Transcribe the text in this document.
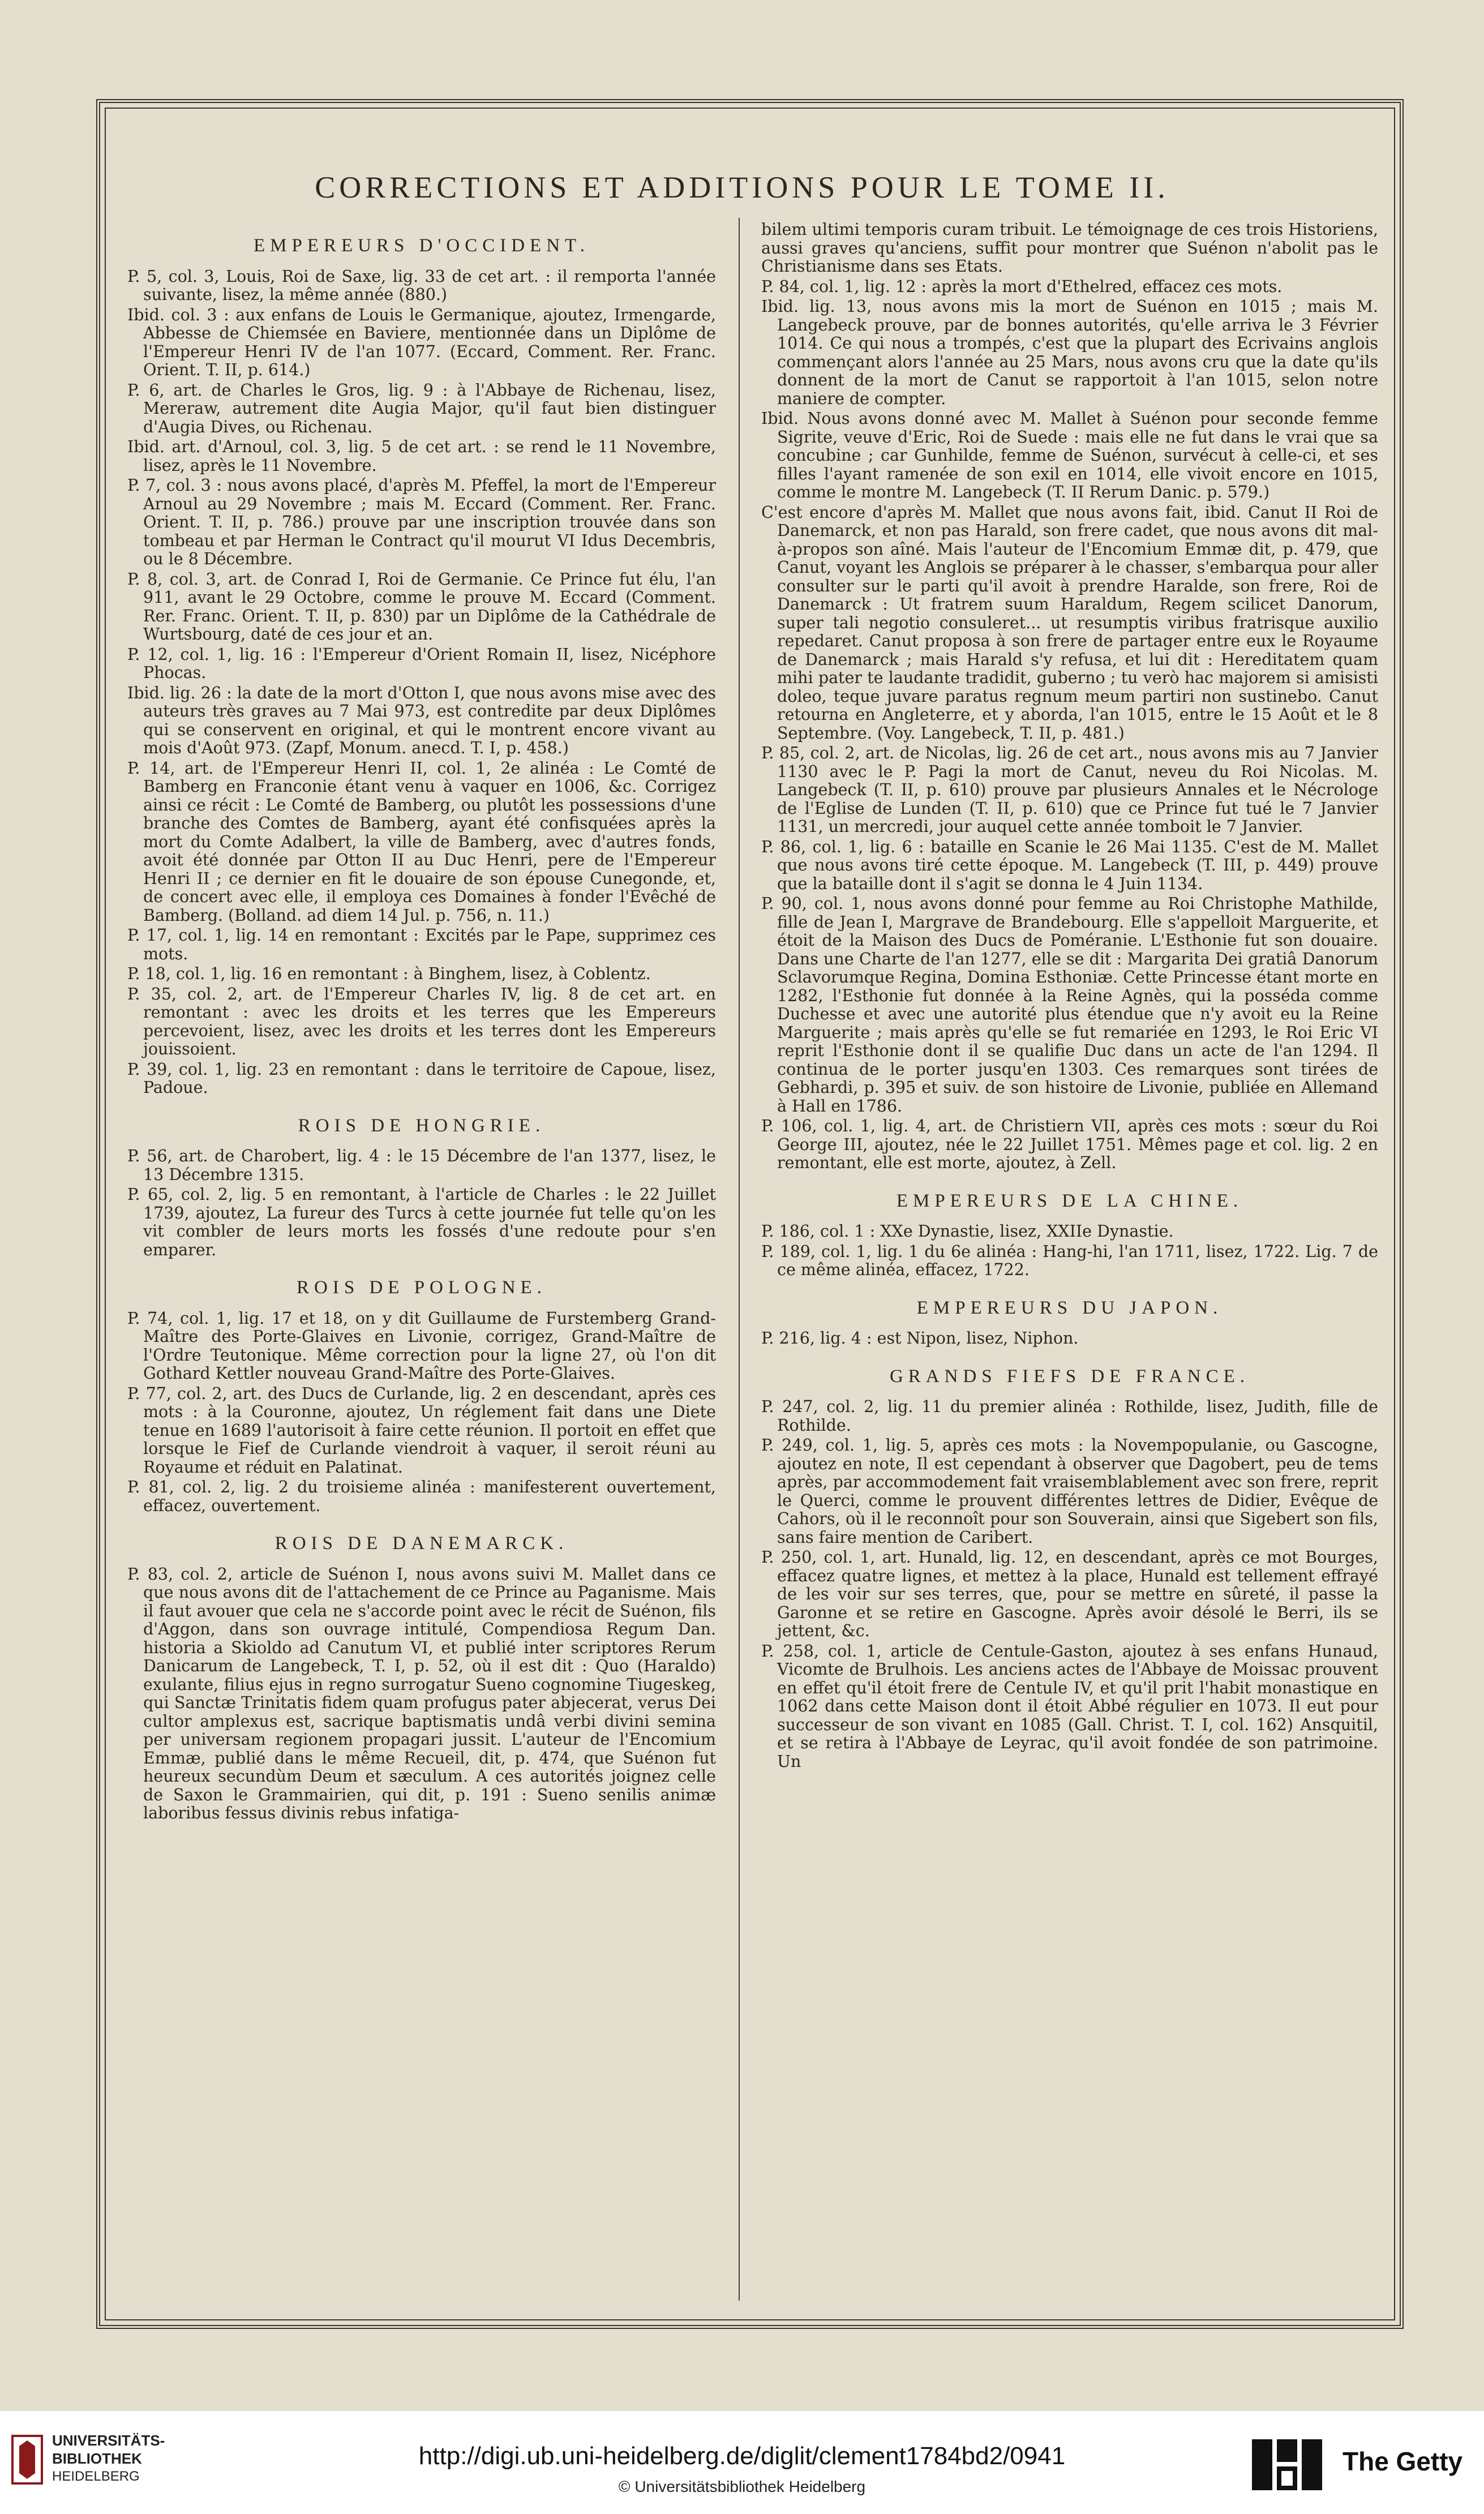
CORRECTIONS ET ADDITIONS POUR LE TOME II.
EMPEREURS D'OCCIDENT.

P. 5, col. 3, Louis, Roi de Saxe, lig. 33 de cet art. : il remporta l'année suivante, lisez, la même année (880.)

Ibid. col. 3 : aux enfans de Louis le Germanique, ajoutez, Irmengarde, Abbesse de Chiemsée en Baviere, mentionnée dans un Diplôme de l'Empereur Henri IV de l'an 1077. (Eccard, Comment. Rer. Franc. Orient. T. II, p. 614.)

P. 6, art. de Charles le Gros, lig. 9 : à l'Abbaye de Richenau, lisez, Mereraw, autrement dite Augia Major, qu'il faut bien distinguer d'Augia Dives, ou Richenau.

Ibid. art. d'Arnoul, col. 3, lig. 5 de cet art. : se rend le 11 Novembre, lisez, après le 11 Novembre.

P. 7, col. 3 : nous avons placé, d'après M. Pfeffel, la mort de l'Empereur Arnoul au 29 Novembre ; mais M. Eccard (Comment. Rer. Franc. Orient. T. II, p. 786.) prouve par une inscription trouvée dans son tombeau et par Herman le Contract qu'il mourut VI Idus Decembris, ou le 8 Décembre.

P. 8, col. 3, art. de Conrad I, Roi de Germanie. Ce Prince fut élu, l'an 911, avant le 29 Octobre, comme le prouve M. Eccard (Comment. Rer. Franc. Orient. T. II, p. 830) par un Diplôme de la Cathédrale de Wurtsbourg, daté de ces jour et an.

P. 12, col. 1, lig. 16 : l'Empereur d'Orient Romain II, lisez, Nicéphore Phocas.

Ibid. lig. 26 : la date de la mort d'Otton I, que nous avons mise avec des auteurs très graves au 7 Mai 973, est contredite par deux Diplômes qui se conservent en original, et qui le montrent encore vivant au mois d'Août 973. (Zapf, Monum. anecd. T. I, p. 458.)

P. 14, art. de l'Empereur Henri II, col. 1, 2e alinéa : Le Comté de Bamberg en Franconie étant venu à vaquer en 1006, &c. Corrigez ainsi ce récit : Le Comté de Bamberg, ou plutôt les possessions d'une branche des Comtes de Bamberg, ayant été confisquées après la mort du Comte Adalbert, la ville de Bamberg, avec d'autres fonds, avoit été donnée par Otton II au Duc Henri, pere de l'Empereur Henri II ; ce dernier en fit le douaire de son épouse Cunegonde, et, de concert avec elle, il employa ces Domaines à fonder l'Evêché de Bamberg. (Bolland. ad diem 14 Jul. p. 756, n. 11.)

P. 17, col. 1, lig. 14 en remontant : Excités par le Pape, supprimez ces mots.

P. 18, col. 1, lig. 16 en remontant : à Binghem, lisez, à Coblentz.

P. 35, col. 2, art. de l'Empereur Charles IV, lig. 8 de cet art. en remontant : avec les droits et les terres que les Empereurs percevoient, lisez, avec les droits et les terres dont les Empereurs jouissoient.

P. 39, col. 1, lig. 23 en remontant : dans le territoire de Capoue, lisez, Padoue.

ROIS DE HONGRIE.

P. 56, art. de Charobert, lig. 4 : le 15 Décembre de l'an 1377, lisez, le 13 Décembre 1315.

P. 65, col. 2, lig. 5 en remontant, à l'article de Charles : le 22 Juillet 1739, ajoutez, La fureur des Turcs à cette journée fut telle qu'on les vit combler de leurs morts les fossés d'une redoute pour s'en emparer.

ROIS DE POLOGNE.

P. 74, col. 1, lig. 17 et 18, on y dit Guillaume de Furstemberg Grand-Maître des Porte-Glaives en Livonie, corrigez, Grand-Maître de l'Ordre Teutonique. Même correction pour la ligne 27, où l'on dit Gothard Kettler nouveau Grand-Maître des Porte-Glaives.

P. 77, col. 2, art. des Ducs de Curlande, lig. 2 en descendant, après ces mots : à la Couronne, ajoutez, Un réglement fait dans une Diete tenue en 1689 l'autorisoit à faire cette réunion. Il portoit en effet que lorsque le Fief de Curlande viendroit à vaquer, il seroit réuni au Royaume et réduit en Palatinat.

P. 81, col. 2, lig. 2 du troisieme alinéa : manifesterent ouvertement, effacez, ouvertement.

ROIS DE DANEMARCK.

P. 83, col. 2, article de Suénon I, nous avons suivi M. Mallet dans ce que nous avons dit de l'attachement de ce Prince au Paganisme. Mais il faut avouer que cela ne s'accorde point avec le récit de Suénon, fils d'Aggon, dans son ouvrage intitulé, Compendiosa Regum Dan. historia a Skioldo ad Canutum VI, et publié inter scriptores Rerum Danicarum de Langebeck, T. I, p. 52, où il est dit : Quo (Haraldo) exulante, filius ejus in regno surrogatur Sueno cognomine Tiugeskeg, qui Sanctæ Trinitatis fidem quam profugus pater abjecerat, verus Dei cultor amplexus est, sacrique baptismatis undâ verbi divini semina per universam regionem propagari jussit. L'auteur de l'Encomium Emmæ, publié dans le même Recueil, dit, p. 474, que Suénon fut heureux secundùm Deum et sæculum. A ces autorités joignez celle de Saxon le Grammairien, qui dit, p. 191 : Sueno senilis animæ laboribus fessus divinis rebus infatiga-

bilem ultimi temporis curam tribuit. Le témoignage de ces trois Historiens, aussi graves qu'anciens, suffit pour montrer que Suénon n'abolit pas le Christianisme dans ses Etats.

P. 84, col. 1, lig. 12 : après la mort d'Ethelred, effacez ces mots.

Ibid. lig. 13, nous avons mis la mort de Suénon en 1015 ; mais M. Langebeck prouve, par de bonnes autorités, qu'elle arriva le 3 Février 1014. Ce qui nous a trompés, c'est que la plupart des Ecrivains anglois commençant alors l'année au 25 Mars, nous avons cru que la date qu'ils donnent de la mort de Canut se rapportoit à l'an 1015, selon notre maniere de compter.

Ibid. Nous avons donné avec M. Mallet à Suénon pour seconde femme Sigrite, veuve d'Eric, Roi de Suede : mais elle ne fut dans le vrai que sa concubine ; car Gunhilde, femme de Suénon, survécut à celle-ci, et ses filles l'ayant ramenée de son exil en 1014, elle vivoit encore en 1015, comme le montre M. Langebeck (T. II Rerum Danic. p. 579.)

C'est encore d'après M. Mallet que nous avons fait, ibid. Canut II Roi de Danemarck, et non pas Harald, son frere cadet, que nous avons dit mal-à-propos son aîné. Mais l'auteur de l'Encomium Emmæ dit, p. 479, que Canut, voyant les Anglois se préparer à le chasser, s'embarqua pour aller consulter sur le parti qu'il avoit à prendre Haralde, son frere, Roi de Danemarck : Ut fratrem suum Haraldum, Regem scilicet Danorum, super tali negotio consuleret... ut resumptis viribus fratrisque auxilio repedaret. Canut proposa à son frere de partager entre eux le Royaume de Danemarck ; mais Harald s'y refusa, et lui dit : Hereditatem quam mihi pater te laudante tradidit, guberno ; tu verò hac majorem si amisisti doleo, teque juvare paratus regnum meum partiri non sustinebo. Canut retourna en Angleterre, et y aborda, l'an 1015, entre le 15 Août et le 8 Septembre. (Voy. Langebeck, T. II, p. 481.)

P. 85, col. 2, art. de Nicolas, lig. 26 de cet art., nous avons mis au 7 Janvier 1130 avec le P. Pagi la mort de Canut, neveu du Roi Nicolas. M. Langebeck (T. II, p. 610) prouve par plusieurs Annales et le Nécrologe de l'Eglise de Lunden (T. II, p. 610) que ce Prince fut tué le 7 Janvier 1131, un mercredi, jour auquel cette année tomboit le 7 Janvier.

P. 86, col. 1, lig. 6 : bataille en Scanie le 26 Mai 1135. C'est de M. Mallet que nous avons tiré cette époque. M. Langebeck (T. III, p. 449) prouve que la bataille dont il s'agit se donna le 4 Juin 1134.

P. 90, col. 1, nous avons donné pour femme au Roi Christophe Mathilde, fille de Jean I, Margrave de Brandebourg. Elle s'appelloit Marguerite, et étoit de la Maison des Ducs de Poméranie. L'Esthonie fut son douaire. Dans une Charte de l'an 1277, elle se dit : Margarita Dei gratiâ Danorum Sclavorumque Regina, Domina Esthoniæ. Cette Princesse étant morte en 1282, l'Esthonie fut donnée à la Reine Agnès, qui la posséda comme Duchesse et avec une autorité plus étendue que n'y avoit eu la Reine Marguerite ; mais après qu'elle se fut remariée en 1293, le Roi Eric VI reprit l'Esthonie dont il se qualifie Duc dans un acte de l'an 1294. Il continua de le porter jusqu'en 1303. Ces remarques sont tirées de Gebhardi, p. 395 et suiv. de son histoire de Livonie, publiée en Allemand à Hall en 1786.

P. 106, col. 1, lig. 4, art. de Christiern VII, après ces mots : sœur du Roi George III, ajoutez, née le 22 Juillet 1751. Mêmes page et col. lig. 2 en remontant, elle est morte, ajoutez, à Zell.

EMPEREURS DE LA CHINE.

P. 186, col. 1 : XXe Dynastie, lisez, XXIIe Dynastie.

P. 189, col. 1, lig. 1 du 6e alinéa : Hang-hi, l'an 1711, lisez, 1722. Lig. 7 de ce même alinéa, effacez, 1722.

EMPEREURS DU JAPON.

P. 216, lig. 4 : est Nipon, lisez, Niphon.

GRANDS FIEFS DE FRANCE.

P. 247, col. 2, lig. 11 du premier alinéa : Rothilde, lisez, Judith, fille de Rothilde.

P. 249, col. 1, lig. 5, après ces mots : la Novempopulanie, ou Gascogne, ajoutez en note, Il est cependant à observer que Dagobert, peu de tems après, par accommodement fait vraisemblablement avec son frere, reprit le Querci, comme le prouvent différentes lettres de Didier, Evêque de Cahors, où il le reconnoît pour son Souverain, ainsi que Sigebert son fils, sans faire mention de Caribert.

P. 250, col. 1, art. Hunald, lig. 12, en descendant, après ce mot Bourges, effacez quatre lignes, et mettez à la place, Hunald est tellement effrayé de les voir sur ses terres, que, pour se mettre en sûreté, il passe la Garonne et se retire en Gascogne. Après avoir désolé le Berri, ils se jettent, &c.

P. 258, col. 1, article de Centule-Gaston, ajoutez à ses enfans Hunaud, Vicomte de Brulhois. Les anciens actes de l'Abbaye de Moissac prouvent en effet qu'il étoit frere de Centule IV, et qu'il prit l'habit monastique en 1062 dans cette Maison dont il étoit Abbé régulier en 1073. Il eut pour successeur de son vivant en 1085 (Gall. Christ. T. I, col. 162) Ansquitil, et se retira à l'Abbaye de Leyrac, qu'il avoit fondée de son patrimoine. Un

UNIVERSITÄTS-
BIBLIOTHEK
HEIDELBERG
http://digi.ub.uni-heidelberg.de/diglit/clement1784bd2/0941
© Universitätsbibliothek Heidelberg
The Getty
